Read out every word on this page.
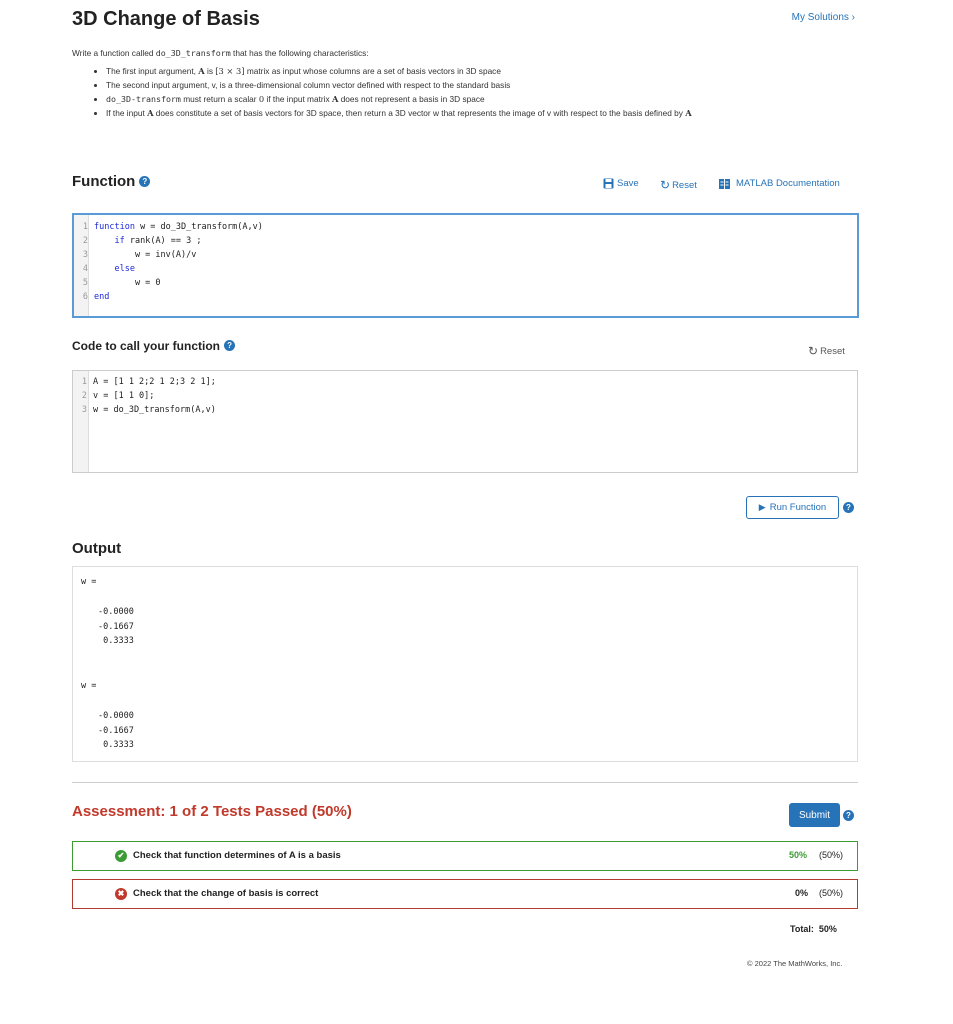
3D Change of Basis	My Solutions ›

Write a function called do_3D_transform that has the following characteristics:

• The first input argument, A is [3 × 3] matrix as input whose columns are a set of basis vectors in 3D space
• The second input argument, v, is a three-dimensional column vector defined with respect to the standard basis
• do_3D-transform must return a scalar 0 if the input matrix A does not represent a basis in 3D space
• If the input A does constitute a set of basis vectors for 3D space, then return a 3D vector w that represents the image of v with respect to the basis defined by A
Function ?	Save ↻ Reset	MATLAB Documentation
1 function w = do_3D_transform(A,v)
2	if rank(A) == 3 ;
3 w = inv(A)/v
4	else
5 w = 0
6 end
Code to call your function ?	↻ Reset
1 A = [1 1 2;2 1 2;3 2 1];
2 v = [1 1 0];
3 w = do_3D_transform(A,v)
▶ Run Function	?
Output
w =
-0.0000
-0.1667
0.3333
w =
-0.0000
-0.1667
0.3333
Assessment: 1 of 2 Tests Passed (50%)	Submit	?
✔ Check that function determines of A is a basis	50% (50%)
✖ Check that the change of basis is correct	0% (50%)
Total: 50%
© 2022 The MathWorks, Inc.
